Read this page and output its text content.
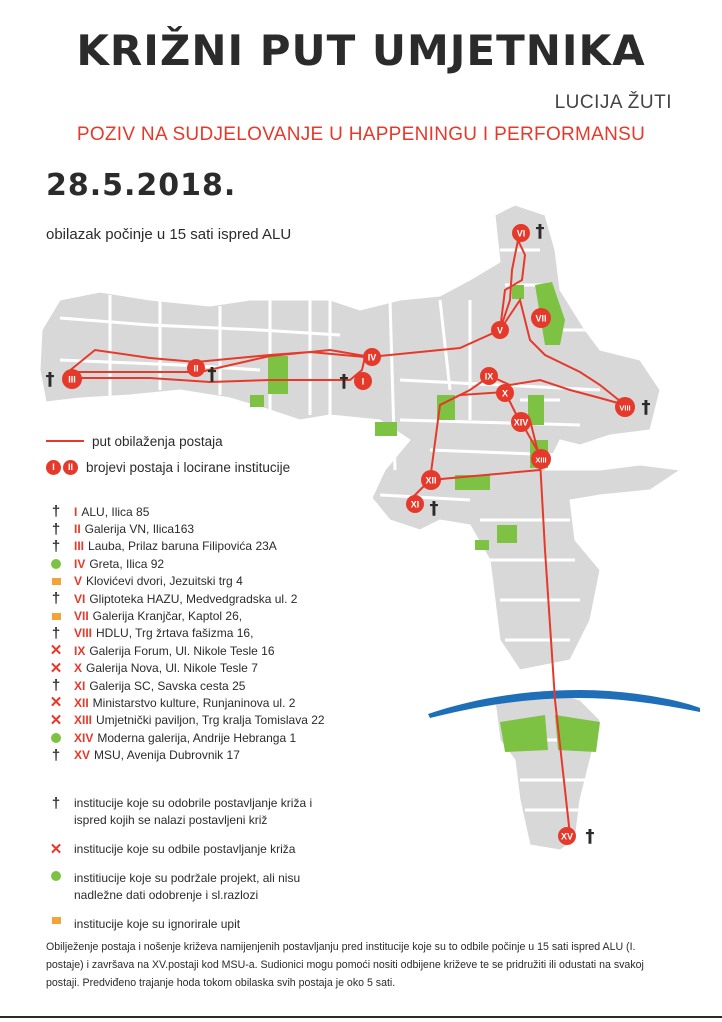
I
†
II †
III
†
IV
V
VI †
VII
VIII †
IX
X
XI †
XII
XIII
XIV
XV †
KRIŽNI PUT UMJETNIKA
LUCIJA ŽUTI
POZIV NA SUDJELOVANJE U HAPPENINGU I PERFORMANSU
28.5.2018.
obilazak počinje u 15 sati ispred ALU
put obilaženja postaja
I	II brojevi postaja i locirane institucije
† I ALU, Ilica 85
† II Galerija VN, Ilica163
† III Lauba, Prilaz baruna Filipovića 23A
IV Greta, Ilica 92
V Klovićevi dvori, Jezuitski trg 4
† VI Gliptoteka HAZU, Medvedgradska ul. 2
VII Galerija Kranjčar, Kaptol 26,
† VIII HDLU, Trg žrtava fašizma 16,
✕ IX Galerija Forum, Ul. Nikole Tesle 16
✕ X Galerija Nova, Ul. Nikole Tesle 7
† XI Galerija SC, Savska cesta 25
✕ XII Ministarstvo kulture, Runjaninova ul. 2
✕ XIII Umjetnički paviljon, Trg kralja Tomislava 22
XIV Moderna galerija, Andrije Hebranga 1
† XV MSU, Avenija Dubrovnik 17
† institucije koje su odobrile postavljanje križa i ispred kojih se nalazi postavljeni križ
✕ institucije koje su odbile postavljanje križa
institiucije koje su podržale projekt, ali nisu nadležne dati odobrenje i sl.razlozi
institucije koje su ignorirale upit
Obilježenje postaja i nošenje križeva namijenjenih postavljanju pred institucije koje su to odbile počinje u 15 sati ispred ALU (I. postaje) i završava na XV.postaji kod MSU-a. Sudionici mogu pomoći nositi odbijene križeve te se pridružiti ili odustati na svakoj postaji. Predviđeno trajanje hoda tokom obilaska svih postaja je oko 5 sati.
